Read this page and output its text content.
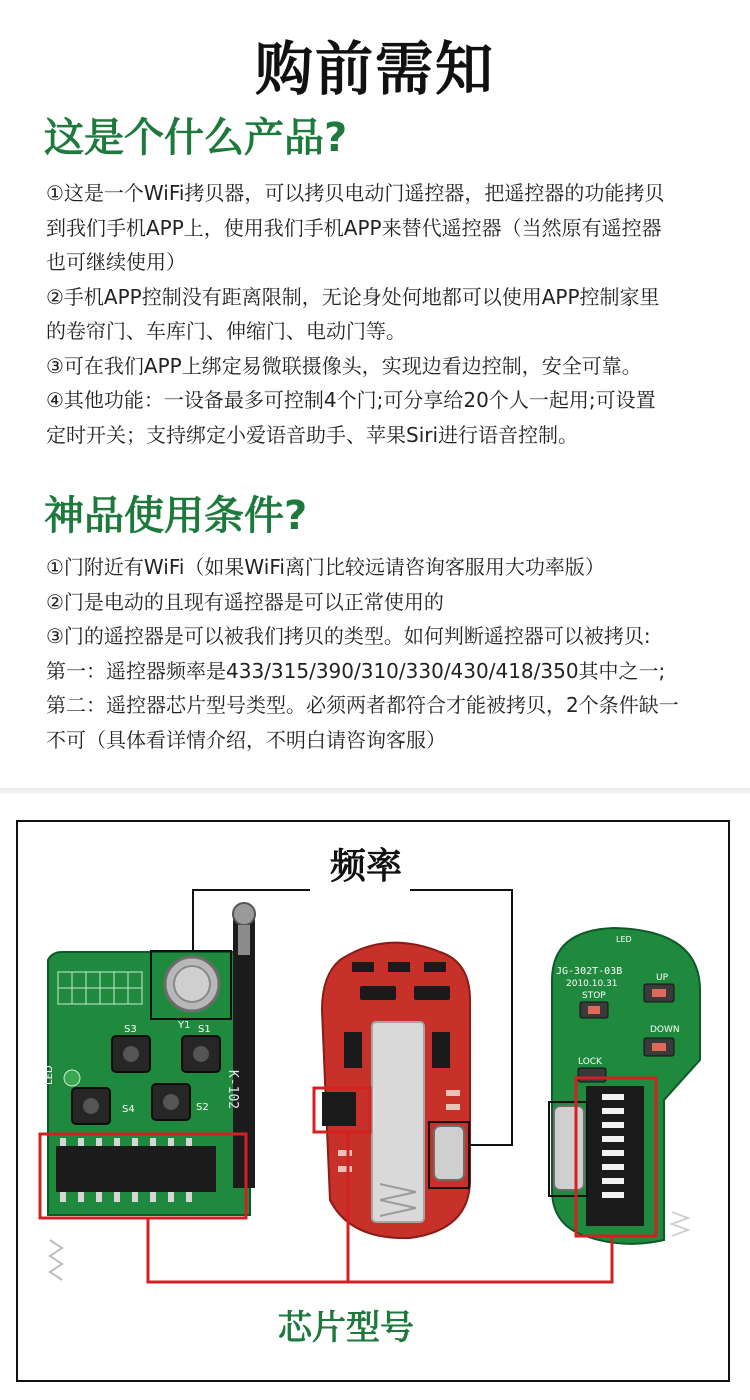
购前需知
这是个什么产品?

①这是一个WiFi拷贝器，可以拷贝电动门遥控器，把遥控器的功能拷贝

到我们手机APP上，使用我们手机APP来替代遥控器（当然原有遥控器

也可继续使用）

②手机APP控制没有距离限制，无论身处何地都可以使用APP控制家里

的卷帘门、车库门、伸缩门、电动门等。

③可在我们APP上绑定易微联摄像头，实现边看边控制，安全可靠。

④其他功能：一设备最多可控制4个门;可分享给20个人一起用;可设置

定时开关；支持绑定小爱语音助手、苹果Siri进行语音控制。

神品使用条件?

①门附近有WiFi（如果WiFi离门比较远请咨询客服用大功率版）

②门是电动的且现有遥控器是可以正常使用的

③门的遥控器是可以被我们拷贝的类型。如何判断遥控器可以被拷贝:

第一：遥控器频率是433/315/390/310/330/430/418/350其中之一;

第二：遥控器芯片型号类型。必须两者都符合才能被拷贝，2个条件缺一

不可（具体看详情介绍，不明白请咨询客服）

K-102
S3	Y1 S1
S4	S2
LED
JG-302T-03B
2010.10.31
STOP
UP
DOWN
LOCK
LED
频率
芯片型号
